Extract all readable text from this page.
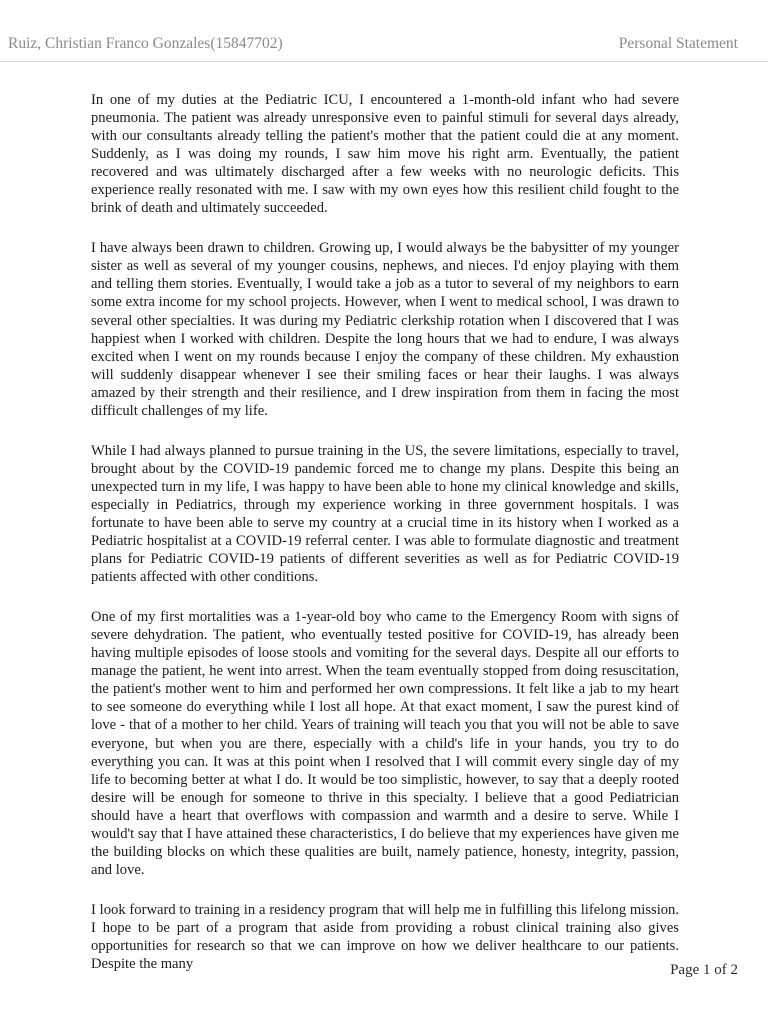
Ruiz, Christian Franco Gonzales(15847702)	Personal Statement

In one of my duties at the Pediatric ICU, I encountered a 1-month-old infant who had severe pneumonia. The patient was already unresponsive even to painful stimuli for several days already, with our consultants already telling the patient's mother that the patient could die at any moment. Suddenly, as I was doing my rounds, I saw him move his right arm. Eventually, the patient recovered and was ultimately discharged after a few weeks with no neurologic deficits. This experience really resonated with me. I saw with my own eyes how this resilient child fought to the brink of death and ultimately succeeded.

I have always been drawn to children. Growing up, I would always be the babysitter of my younger sister as well as several of my younger cousins, nephews, and nieces. I'd enjoy playing with them and telling them stories. Eventually, I would take a job as a tutor to several of my neighbors to earn some extra income for my school projects. However, when I went to medical school, I was drawn to several other specialties. It was during my Pediatric clerkship rotation when I discovered that I was happiest when I worked with children. Despite the long hours that we had to endure, I was always excited when I went on my rounds because I enjoy the company of these children. My exhaustion will suddenly disappear whenever I see their smiling faces or hear their laughs. I was always amazed by their strength and their resilience, and I drew inspiration from them in facing the most difficult challenges of my life.

While I had always planned to pursue training in the US, the severe limitations, especially to travel, brought about by the COVID-19 pandemic forced me to change my plans. Despite this being an unexpected turn in my life, I was happy to have been able to hone my clinical knowledge and skills, especially in Pediatrics, through my experience working in three government hospitals. I was fortunate to have been able to serve my country at a crucial time in its history when I worked as a Pediatric hospitalist at a COVID-19 referral center. I was able to formulate diagnostic and treatment plans for Pediatric COVID-19 patients of different severities as well as for Pediatric COVID-19 patients affected with other conditions.

One of my first mortalities was a 1-year-old boy who came to the Emergency Room with signs of severe dehydration. The patient, who eventually tested positive for COVID-19, has already been having multiple episodes of loose stools and vomiting for the several days. Despite all our efforts to manage the patient, he went into arrest. When the team eventually stopped from doing resuscitation, the patient's mother went to him and performed her own compressions. It felt like a jab to my heart to see someone do everything while I lost all hope. At that exact moment, I saw the purest kind of love - that of a mother to her child. Years of training will teach you that you will not be able to save everyone, but when you are there, especially with a child's life in your hands, you try to do everything you can. It was at this point when I resolved that I will commit every single day of my life to becoming better at what I do. It would be too simplistic, however, to say that a deeply rooted desire will be enough for someone to thrive in this specialty. I believe that a good Pediatrician should have a heart that overflows with compassion and warmth and a desire to serve. While I would't say that I have attained these characteristics, I do believe that my experiences have given me the building blocks on which these qualities are built, namely patience, honesty, integrity, passion, and love.

I look forward to training in a residency program that will help me in fulfilling this lifelong mission. I hope to be part of a program that aside from providing a robust clinical training also gives opportunities for research so that we can improve on how we deliver healthcare to our patients. Despite the many	Page 1 of 2
